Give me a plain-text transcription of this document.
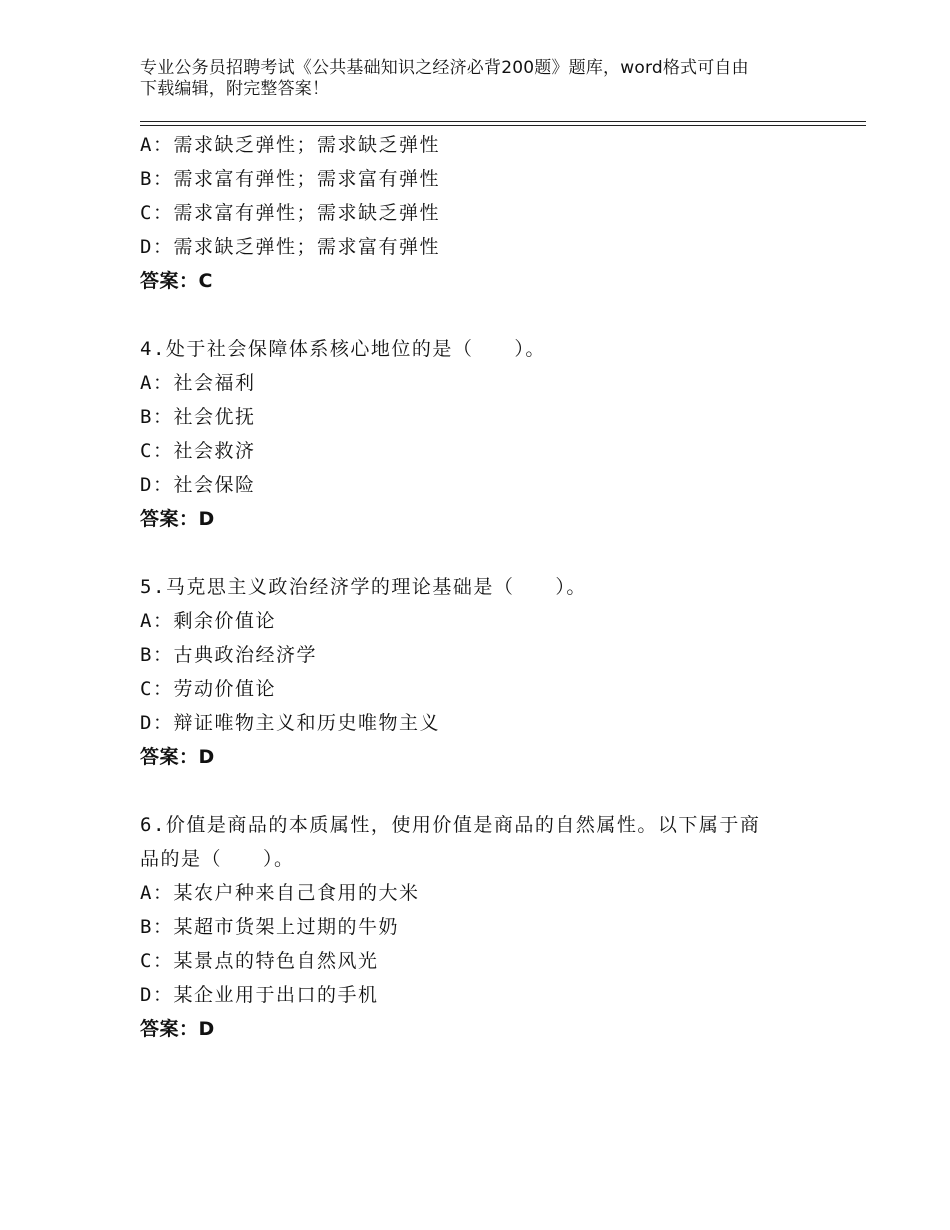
专业公务员招聘考试《公共基础知识之经济必背200题》题库，word格式可自由
下载编辑，附完整答案！
A：需求缺乏弹性；需求缺乏弹性
B：需求富有弹性；需求富有弹性
C：需求富有弹性；需求缺乏弹性
D：需求缺乏弹性；需求富有弹性
答案：C
4.处于社会保障体系核心地位的是（　　）。
A：社会福利
B：社会优抚
C：社会救济
D：社会保险
答案：D
5.马克思主义政治经济学的理论基础是（　　）。
A：剩余价值论
B：古典政治经济学
C：劳动价值论
D：辩证唯物主义和历史唯物主义
答案：D
6.价值是商品的本质属性，使用价值是商品的自然属性。以下属于商
品的是（　　）。
A：某农户种来自己食用的大米
B：某超市货架上过期的牛奶
C：某景点的特色自然风光
D：某企业用于出口的手机
答案：D
